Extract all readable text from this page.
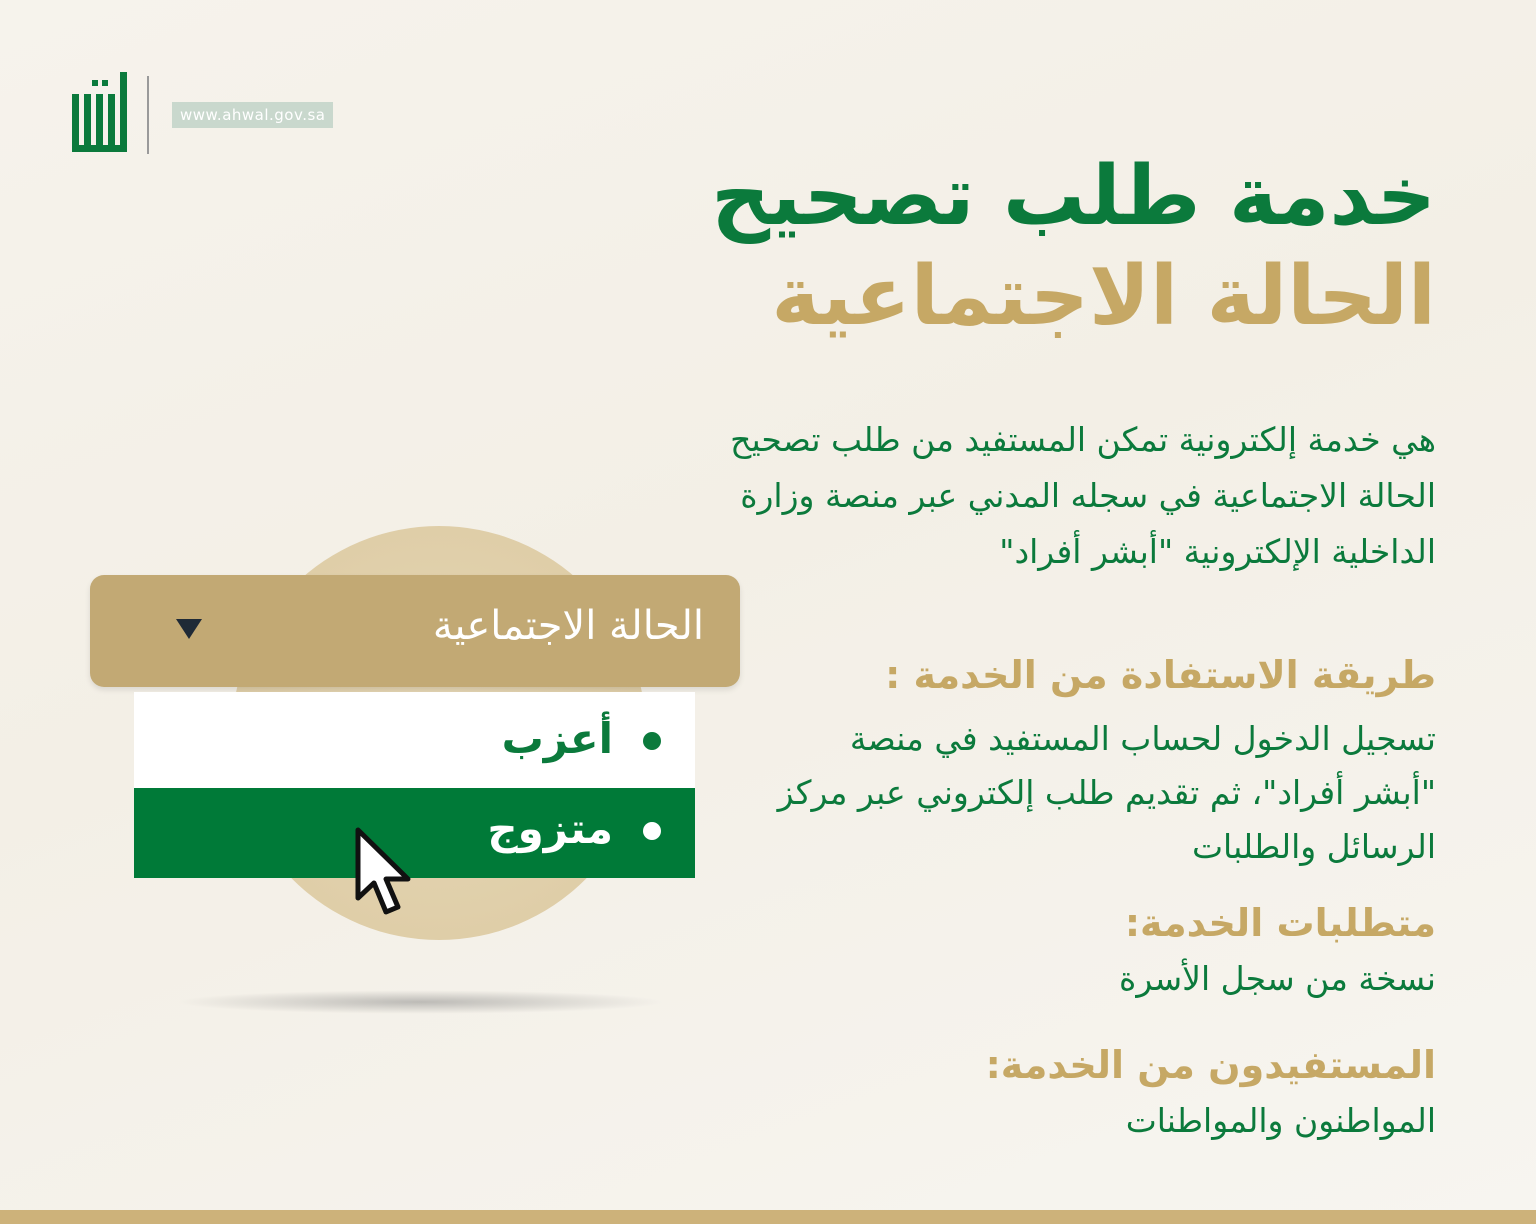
www.ahwal.gov.sa
خدمة طلب تصحيح
الحالة الاجتماعية
هي خدمة إلكترونية تمكن المستفيد من طلب تصحيح الحالة الاجتماعية في سجله المدني عبر منصة وزارة الداخلية الإلكترونية "أبشر أفراد"
طريقة الاستفادة من الخدمة :
تسجيل الدخول لحساب المستفيد في منصة "أبشر أفراد"، ثم تقديم طلب إلكتروني عبر مركز الرسائل والطلبات
متطلبات الخدمة:
نسخة من سجل الأسرة
المستفيدون من الخدمة:
المواطنون والمواطنات
الحالة الاجتماعية
أعزب
متزوج
